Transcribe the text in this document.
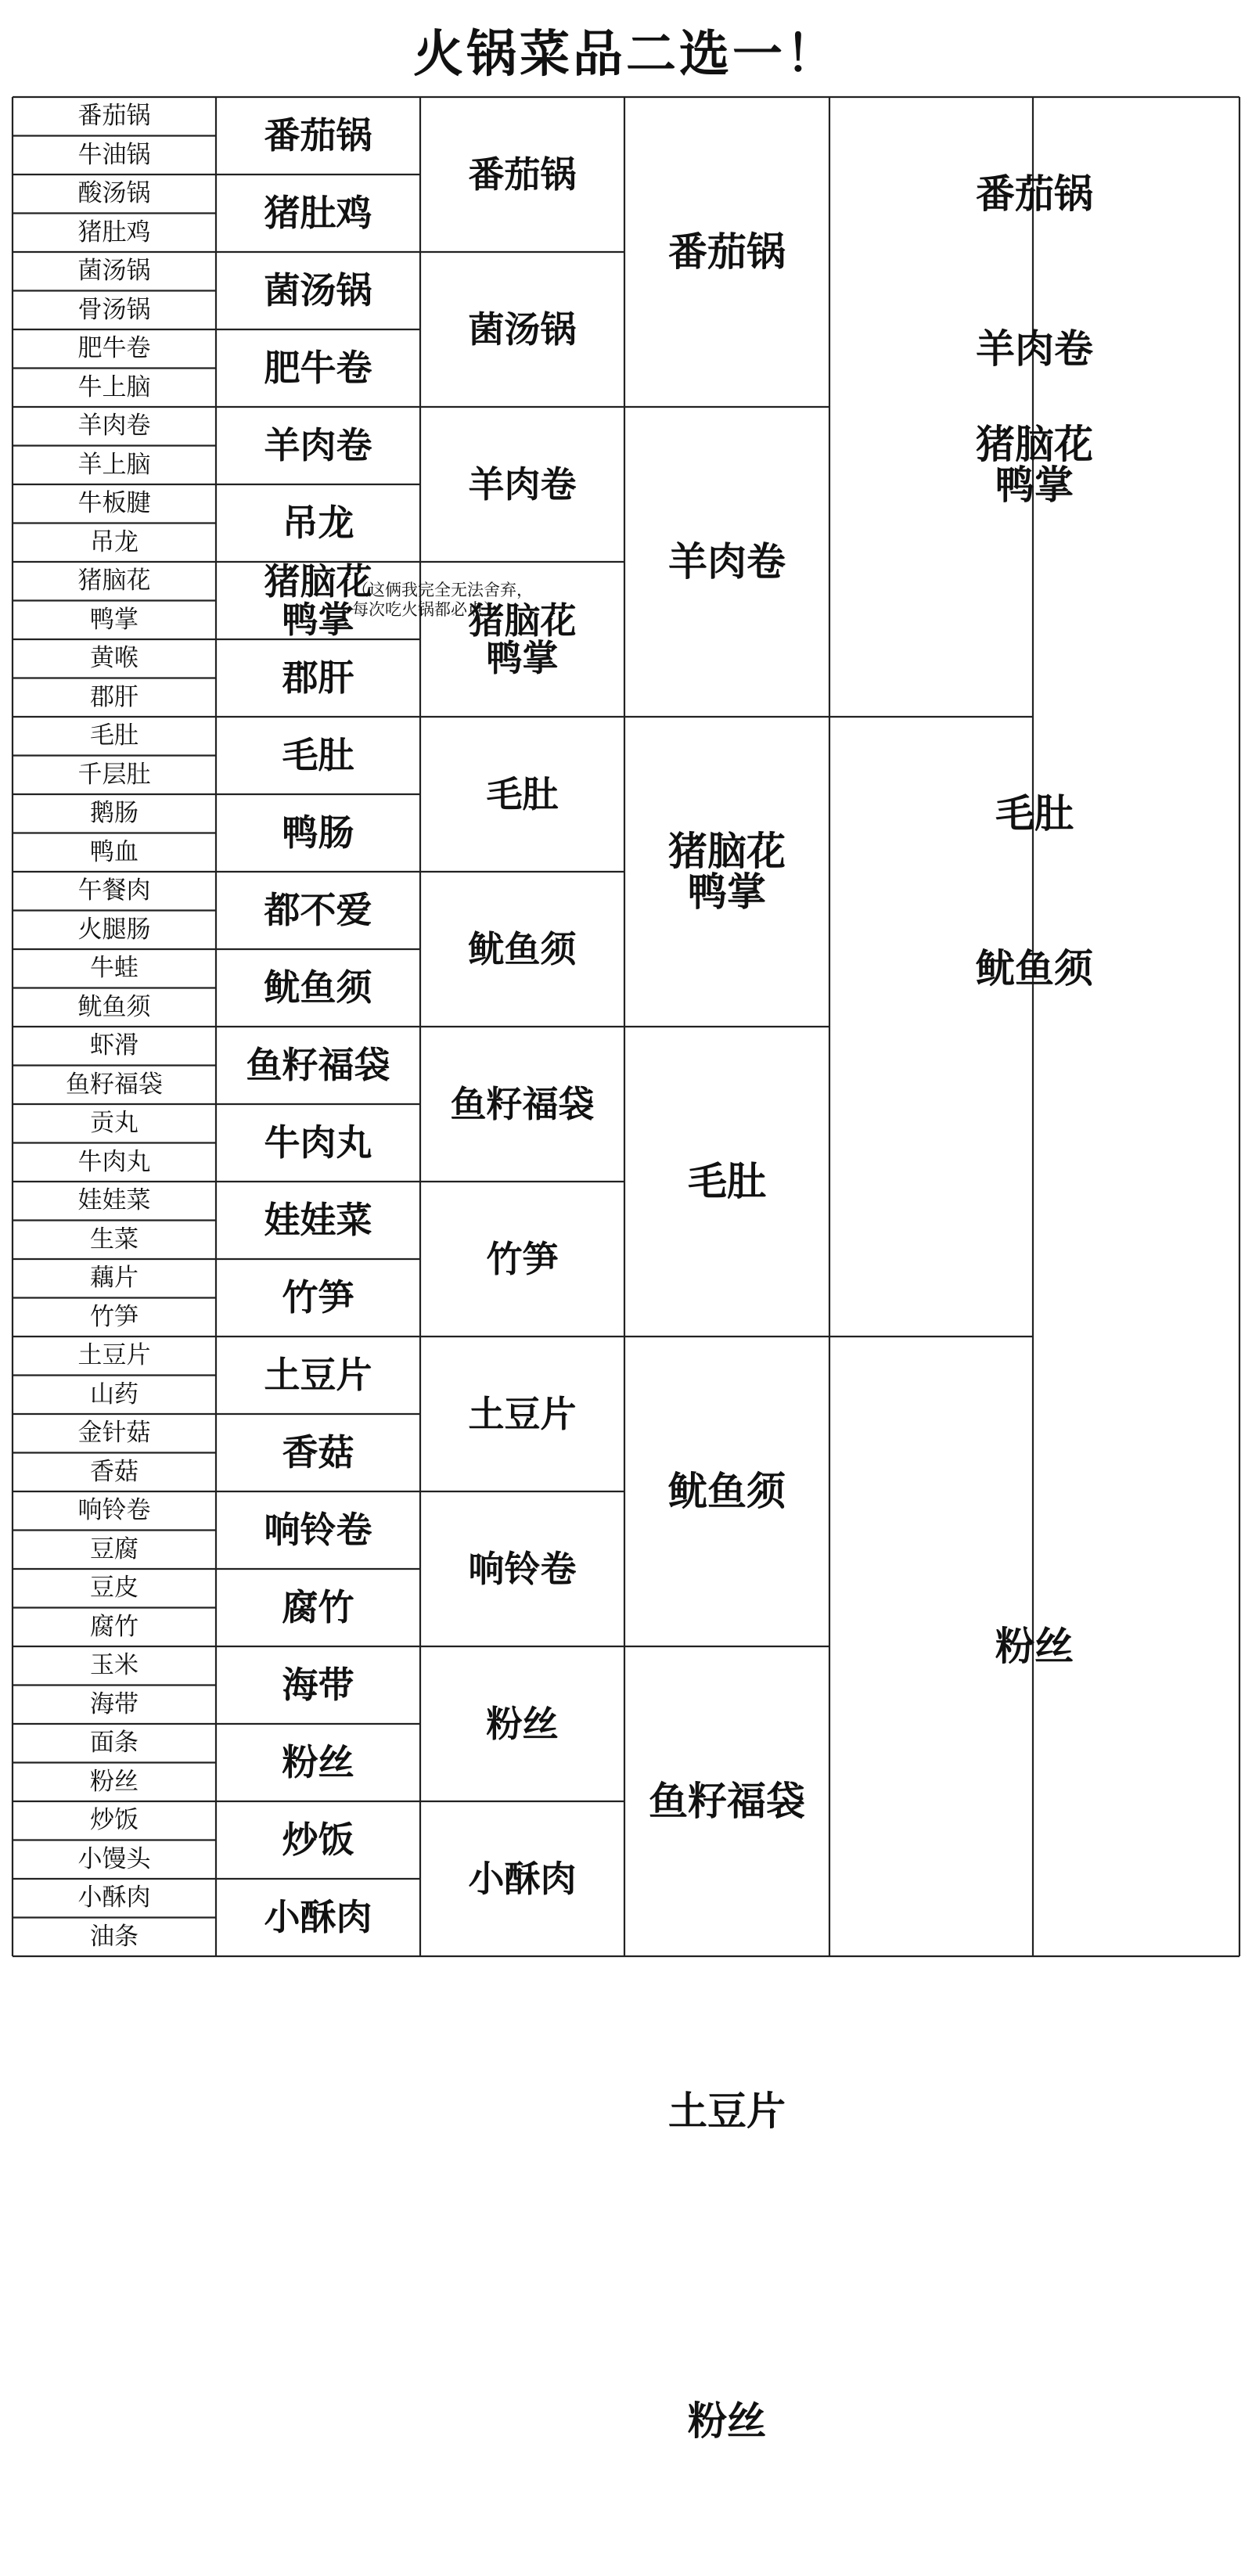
火锅菜品二选一！
番茄锅
牛油锅
酸汤锅
猪肚鸡
菌汤锅
骨汤锅
肥牛卷
牛上脑
羊肉卷
羊上脑
牛板腱
吊龙
猪脑花
鸭掌
黄喉
郡肝
毛肚
千层肚
鹅肠
鸭血
午餐肉
火腿肠
牛蛙
鱿鱼须
虾滑
鱼籽福袋
贡丸
牛肉丸
娃娃菜
生菜
藕片
竹笋
土豆片
山药
金针菇
香菇
响铃卷
豆腐
豆皮
腐竹
玉米
海带
面条
粉丝
炒饭
小馒头
小酥肉
油条
番茄锅
猪肚鸡
菌汤锅
肥牛卷
羊肉卷
吊龙
猪脑花
鸭掌
郡肝
毛肚
鸭肠
都不爱
鱿鱼须
鱼籽福袋
牛肉丸
娃娃菜
竹笋
土豆片
香菇
响铃卷
腐竹
海带
粉丝
炒饭
小酥肉
番茄锅
菌汤锅
羊肉卷
猪脑花
鸭掌
毛肚
鱿鱼须
鱼籽福袋
竹笋
土豆片
响铃卷
粉丝
小酥肉
番茄锅
羊肉卷
猪脑花
鸭掌
毛肚
鱿鱼须
鱼籽福袋
土豆片
粉丝
番茄锅
羊肉卷
猪脑花
鸭掌
毛肚
鱿鱼须
粉丝
（这俩我完全无法舍弃，
每次吃火锅都必点）
